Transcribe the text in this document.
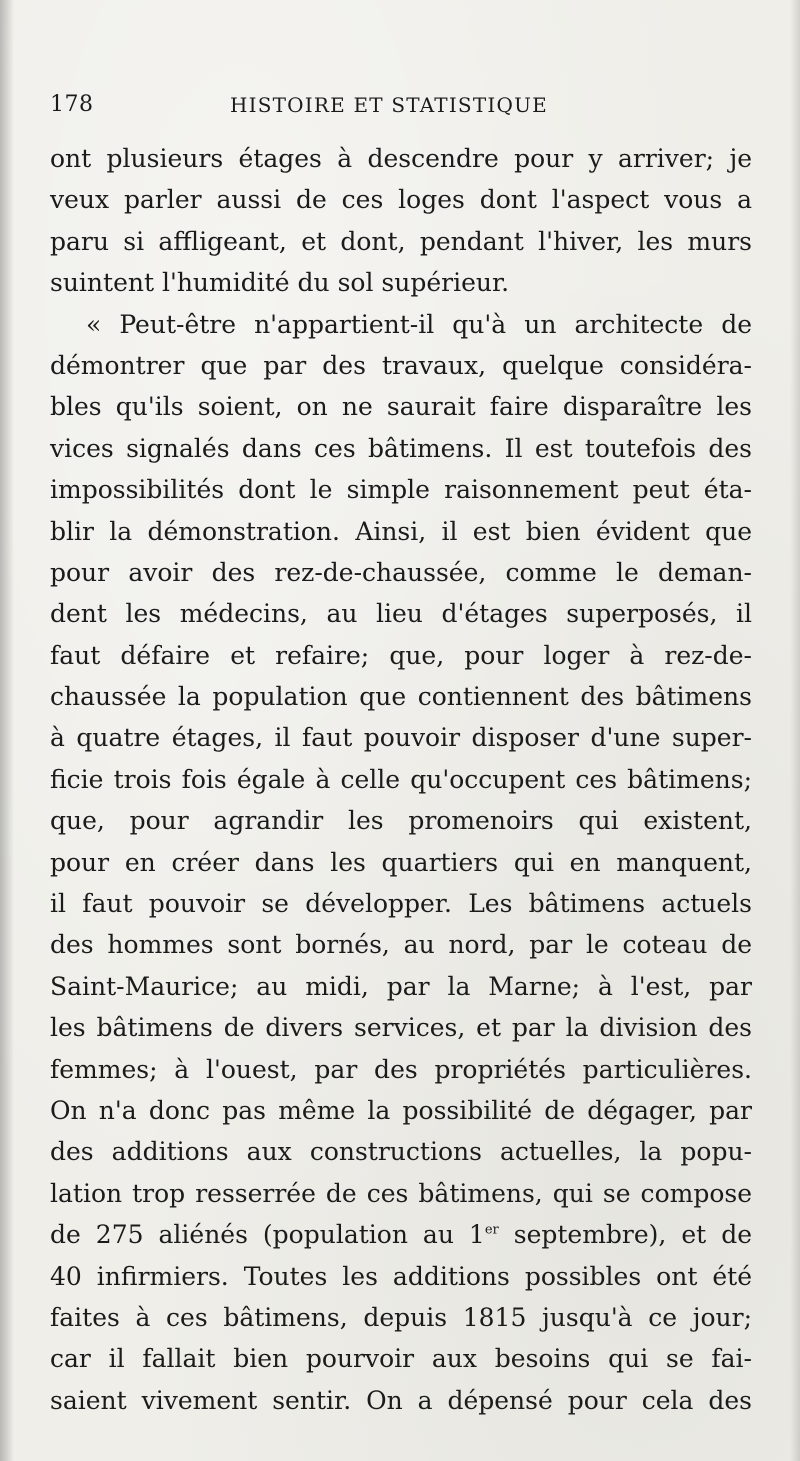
178	HISTOIRE ET STATISTIQUE
ont plusieurs étages à descendre pour y arriver; je
veux parler aussi de ces loges dont l'aspect vous a
paru si affligeant, et dont, pendant l'hiver, les murs
suintent l'humidité du sol supérieur.
« Peut-être n'appartient-il qu'à un architecte de
démontrer que par des travaux, quelque considéra-
bles qu'ils soient, on ne saurait faire disparaître les
vices signalés dans ces bâtimens. Il est toutefois des
impossibilités dont le simple raisonnement peut éta-
blir la démonstration. Ainsi, il est bien évident que
pour avoir des rez-de-chaussée, comme le deman-
dent les médecins, au lieu d'étages superposés, il
faut défaire et refaire; que, pour loger à rez-de-
chaussée la population que contiennent des bâtimens
à quatre étages, il faut pouvoir disposer d'une super-
ficie trois fois égale à celle qu'occupent ces bâtimens;
que, pour agrandir les promenoirs qui existent,
pour en créer dans les quartiers qui en manquent,
il faut pouvoir se développer. Les bâtimens actuels
des hommes sont bornés, au nord, par le coteau de
Saint-Maurice; au midi, par la Marne; à l'est, par
les bâtimens de divers services, et par la division des
femmes; à l'ouest, par des propriétés particulières.
On n'a donc pas même la possibilité de dégager, par
des additions aux constructions actuelles, la popu-
lation trop resserrée de ces bâtimens, qui se compose
de 275 aliénés (population au 1er septembre), et de
40 infirmiers. Toutes les additions possibles ont été
faites à ces bâtimens, depuis 1815 jusqu'à ce jour;
car il fallait bien pourvoir aux besoins qui se fai-
saient vivement sentir. On a dépensé pour cela des
